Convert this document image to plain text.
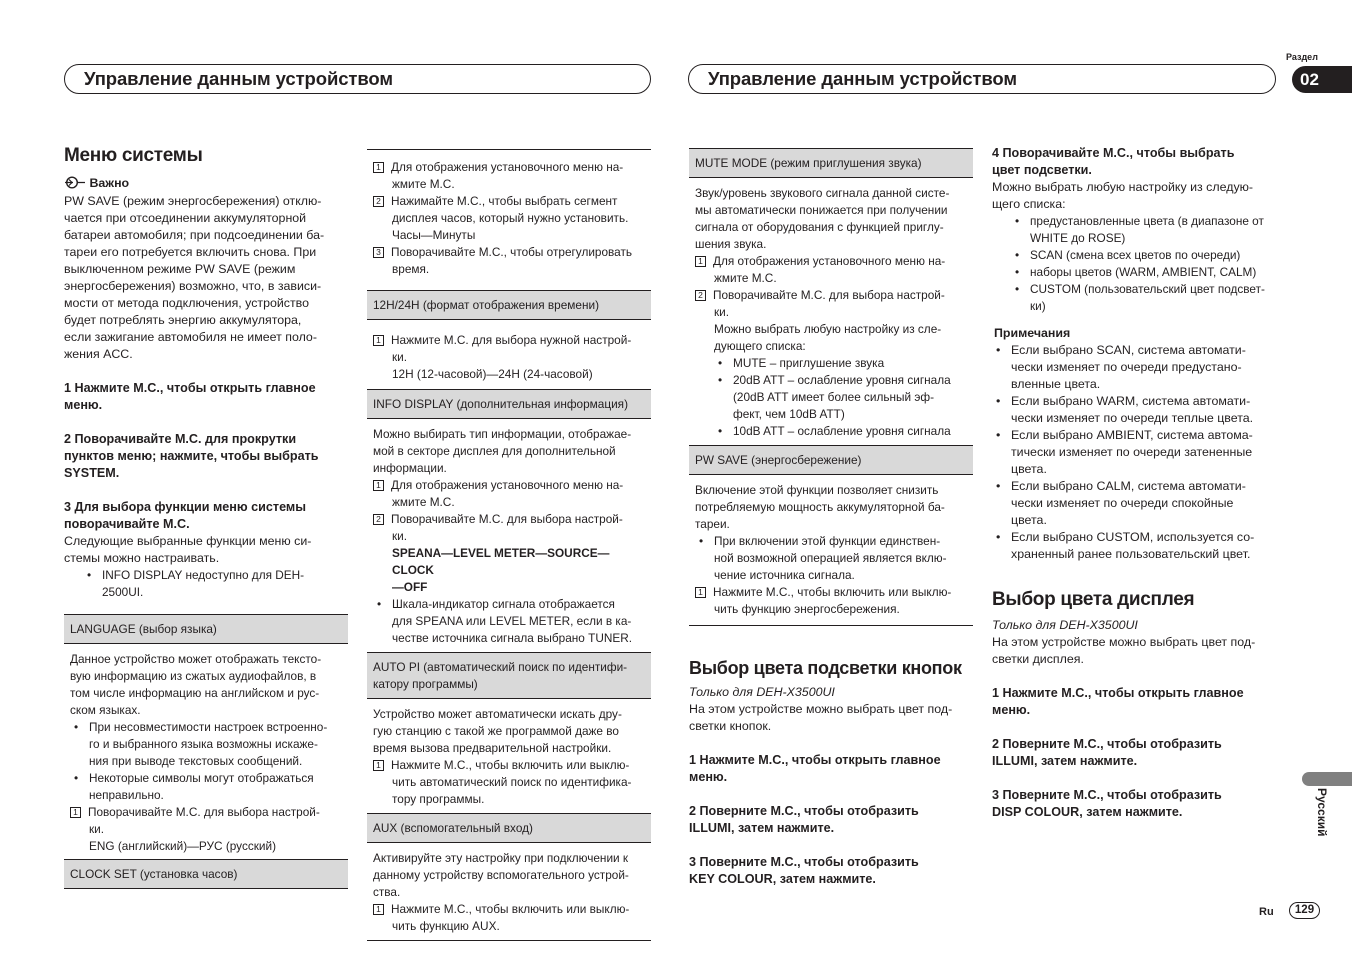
Управление данным устройством	Управление данным устройством
Раздел
02
Русский
Ru	129
Меню системы
Важно
PW SAVE (режим энергосбережения) отклю-
чается при отсоединении аккумуляторной
батареи автомобиля; при подсоединении ба-
тареи его потребуется включить снова. При
выключенном режиме PW SAVE (режим
энергосбережения) возможно, что, в зависи-
мости от метода подключения, устройство
будет потреблять энергию аккумулятора,
если зажигание автомобиля не имеет поло-
жения ACC.
1 Нажмите M.C., чтобы открыть главное
меню.
2 Поворачивайте M.C. для прокрутки
пунктов меню; нажмите, чтобы выбрать
SYSTEM.
3 Для выбора функции меню системы
поворачивайте M.C.
Следующие выбранные функции меню си-
стемы можно настраивать.
• INFO DISPLAY недоступно для DEH-
2500UI.
LANGUAGE (выбор языка)
Данное устройство может отображать тексто-
вую информацию из сжатых аудиофайлов, в
том числе информацию на английском и рус-
ском языках.
• При несовместимости настроек встроенно-
го и выбранного языка возможны искаже-
ния при выводе текстовых сообщений.
• Некоторые символы могут отображаться
неправильно.
1 Поворачивайте M.C. для выбора настрой-
ки.
ENG (английский)—РУС (русский)
CLOCK SET (установка часов)
1 Для отображения установочного меню на-
жмите M.C.
2 Нажимайте M.C., чтобы выбрать сегмент
дисплея часов, который нужно установить.
Часы—Минуты
3 Поворачивайте M.C., чтобы отрегулировать
время.
12H/24H (формат отображения времени)
1 Нажмите M.C. для выбора нужной настрой-
ки.
12H (12-часовой)—24H (24-часовой)
INFO DISPLAY (дополнительная информация)
Можно выбирать тип информации, отображае-
мой в секторе дисплея для дополнительной
информации.
1 Для отображения установочного меню на-
жмите M.C.
2 Поворачивайте M.C. для выбора настрой-
ки.
SPEANA—LEVEL METER—SOURCE—CLOCK
—OFF
• Шкала-индикатор сигнала отображается
для SPEANA или LEVEL METER, если в ка-
честве источника сигнала выбрано TUNER.
AUTO PI (автоматический поиск по идентифи-
катору программы)
Устройство может автоматически искать дру-
гую станцию с такой же программой даже во
время вызова предварительной настройки.
1 Нажмите M.C., чтобы включить или выклю-
чить автоматический поиск по идентифика-
тору программы.
AUX (вспомогательный вход)
Активируйте эту настройку при подключении к
данному устройству вспомогательного устрой-
ства.
1 Нажмите M.C., чтобы включить или выклю-
чить функцию AUX.
MUTE MODE (режим приглушения звука)
Звук/уровень звукового сигнала данной систе-
мы автоматически понижается при получении
сигнала от оборудования с функцией приглу-
шения звука.
1 Для отображения установочного меню на-
жмите M.C.
2 Поворачивайте M.C. для выбора настрой-
ки.
Можно выбрать любую настройку из сле-
дующего списка:
• MUTE – приглушение звука
• 20dB ATT – ослабление уровня сигнала
(20dB ATT имеет более сильный эф-
фект, чем 10dB ATT)
• 10dB ATT – ослабление уровня сигнала
PW SAVE (энергосбережение)
Включение этой функции позволяет снизить
потребляемую мощность аккумуляторной ба-
тареи.
• При включении этой функции единствен-
ной возможной операцией является вклю-
чение источника сигнала.
1 Нажмите M.C., чтобы включить или выклю-
чить функцию энергосбережения.
Выбор цвета подсветки кнопок
Только для DEH-X3500UI
На этом устройстве можно выбрать цвет под-
светки кнопок.
1 Нажмите M.C., чтобы открыть главное
меню.
2 Поверните M.C., чтобы отобразить
ILLUMI, затем нажмите.
3 Поверните M.C., чтобы отобразить
KEY COLOUR, затем нажмите.
4 Поворачивайте M.C., чтобы выбрать
цвет подсветки.
Можно выбрать любую настройку из следую-
щего списка:
• предустановленные цвета (в диапазоне от
WHITE до ROSE)
• SCAN (смена всех цветов по очереди)
• наборы цветов (WARM, AMBIENT, CALM)
• CUSTOM (пользовательский цвет подсвет-
ки)
Примечания
• Если выбрано SCAN, система автомати-
чески изменяет по очереди предустано-
вленные цвета.
• Если выбрано WARM, система автомати-
чески изменяет по очереди теплые цвета.
• Если выбрано AMBIENT, система автома-
тически изменяет по очереди затененные
цвета.
• Если выбрано CALM, система автомати-
чески изменяет по очереди спокойные
цвета.
• Если выбрано CUSTOM, используется со-
храненный ранее пользовательский цвет.
Выбор цвета дисплея
Только для DEH-X3500UI
На этом устройстве можно выбрать цвет под-
светки дисплея.
1 Нажмите M.C., чтобы открыть главное
меню.
2 Поверните M.C., чтобы отобразить
ILLUMI, затем нажмите.
3 Поверните M.C., чтобы отобразить
DISP COLOUR, затем нажмите.
